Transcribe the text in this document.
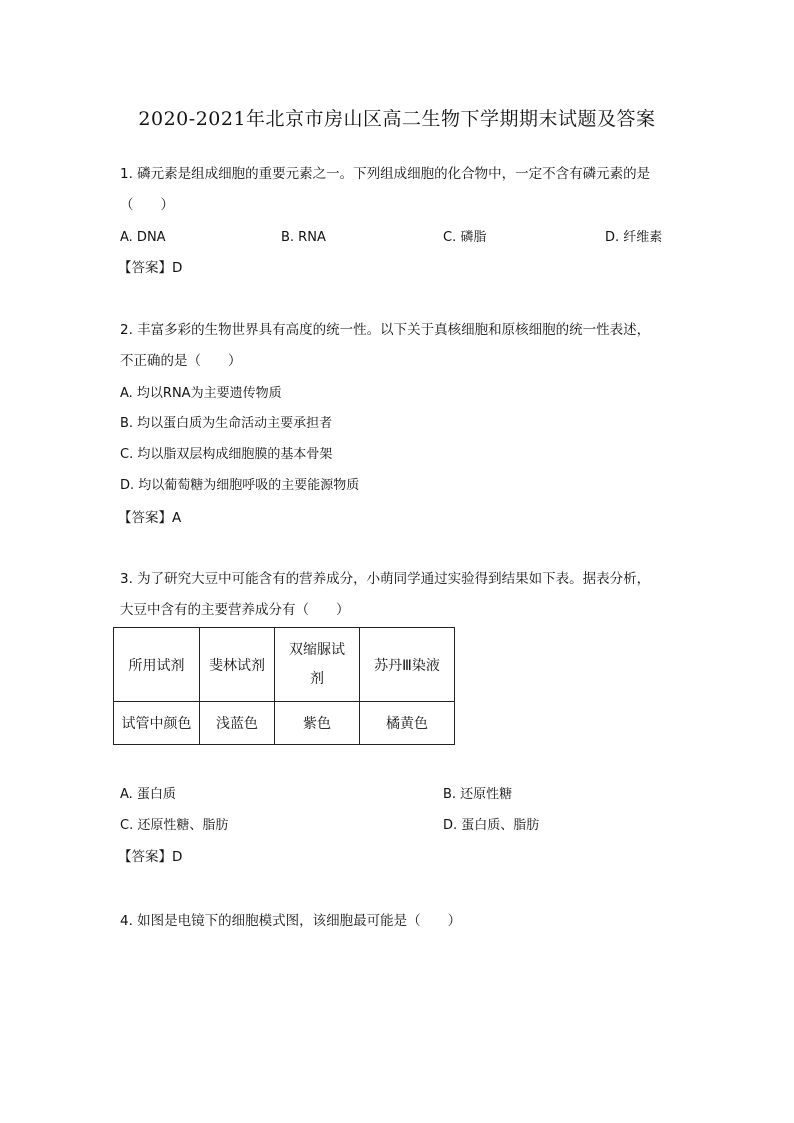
2020-2021年北京市房山区高二生物下学期期末试题及答案
1. 磷元素是组成细胞的重要元素之一。下列组成细胞的化合物中，一定不含有磷元素的是
（　　）
A. DNA	B. RNA	C. 磷脂	D. 纤维素
【答案】D
2. 丰富多彩的生物世界具有高度的统一性。以下关于真核细胞和原核细胞的统一性表述，
不正确的是（　　）
A. 均以RNA为主要遗传物质
B. 均以蛋白质为生命活动主要承担者
C. 均以脂双层构成细胞膜的基本骨架
D. 均以葡萄糖为细胞呼吸的主要能源物质
【答案】A
3. 为了研究大豆中可能含有的营养成分，小萌同学通过实验得到结果如下表。据表分析，
大豆中含有的主要营养成分有（　　）
所用试剂	斐林试剂	双缩脲试剂	苏丹Ⅲ染液
试管中颜色	浅蓝色	紫色	橘黄色
A. 蛋白质	B. 还原性糖
C. 还原性糖、脂肪	D. 蛋白质、脂肪
【答案】D
4. 如图是电镜下的细胞模式图，该细胞最可能是（　　）
